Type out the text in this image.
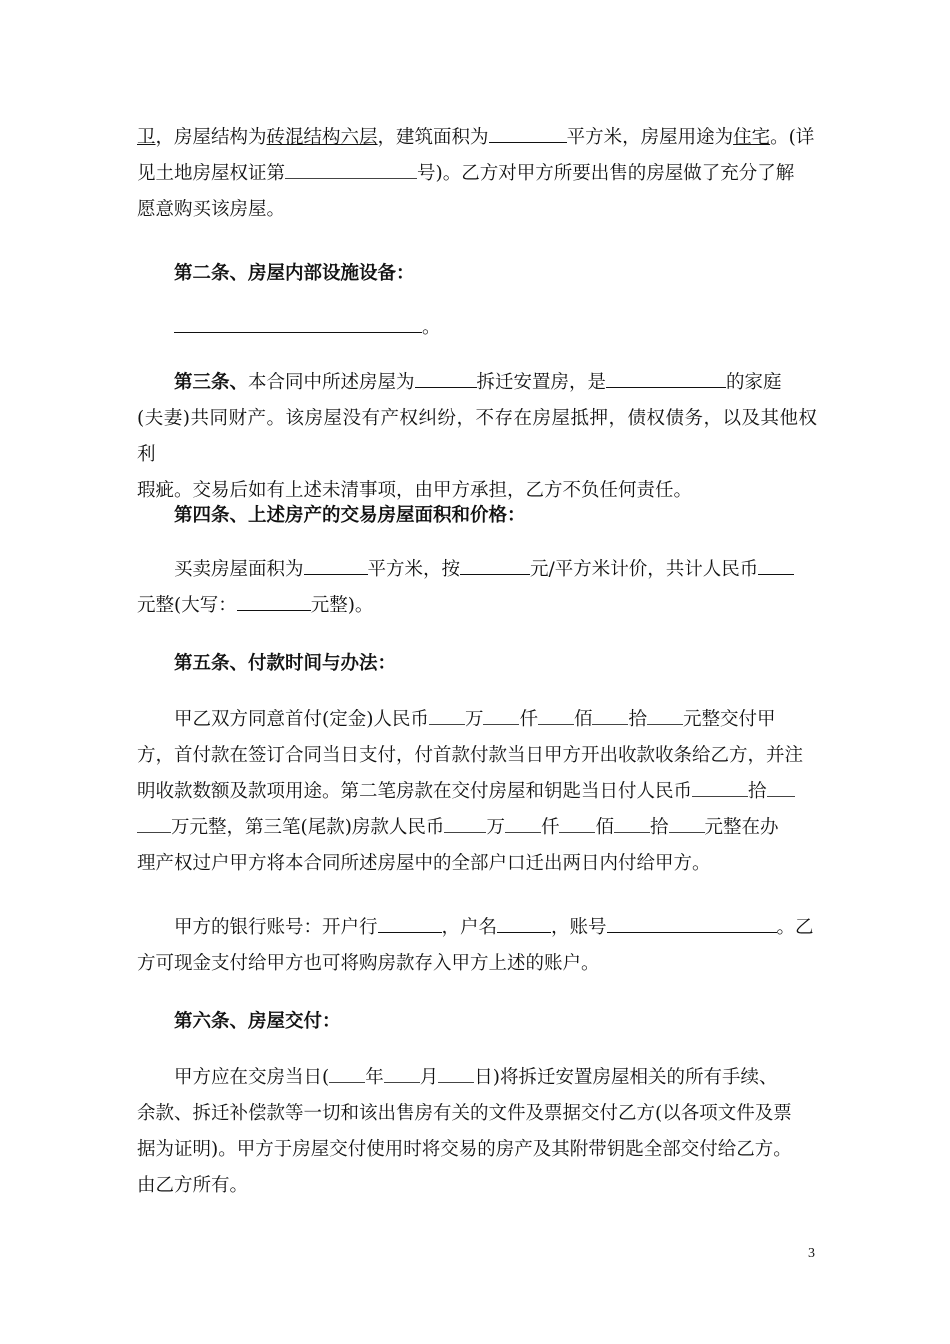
卫，房屋结构为砖混结构六层，建筑面积为	平方米，房屋用途为住宅。(详
见土地房屋权证第	号)。乙方对甲方所要出售的房屋做了充分了解
愿意购买该房屋。

第二条、房屋内部设施设备：

。

第三条、本合同中所述房屋为	拆迁安置房，是	的家庭
(夫妻)共同财产。该房屋没有产权纠纷，不存在房屋抵押，债权债务，以及其他权利
瑕疵。交易后如有上述未清事项，由甲方承担，乙方不负任何责任。

第四条、上述房产的交易房屋面积和价格：

买卖房屋面积为	平方米，按	元/平方米计价，共计人民币
元整(大写：	元整)。

第五条、付款时间与办法：

甲乙双方同意首付(定金)人民币 万 仟 佰 拾 元整交付甲
方，首付款在签订合同当日支付，付首款付款当日甲方开出收款收条给乙方，并注
明收款数额及款项用途。第二笔房款在交付房屋和钥匙当日付人民币	拾
万元整，第三笔(尾款)房款人民币 万 仟 佰 拾 元整在办
理产权过户甲方将本合同所述房屋中的全部户口迁出两日内付给甲方。

甲方的银行账号：开户行	，户名	，账号	。乙
方可现金支付给甲方也可将购房款存入甲方上述的账户。

第六条、房屋交付：

甲方应在交房当日( 年 月 日)将拆迁安置房屋相关的所有手续、
余款、拆迁补偿款等一切和该出售房有关的文件及票据交付乙方(以各项文件及票
据为证明)。甲方于房屋交付使用时将交易的房产及其附带钥匙全部交付给乙方。
由乙方所有。

3
